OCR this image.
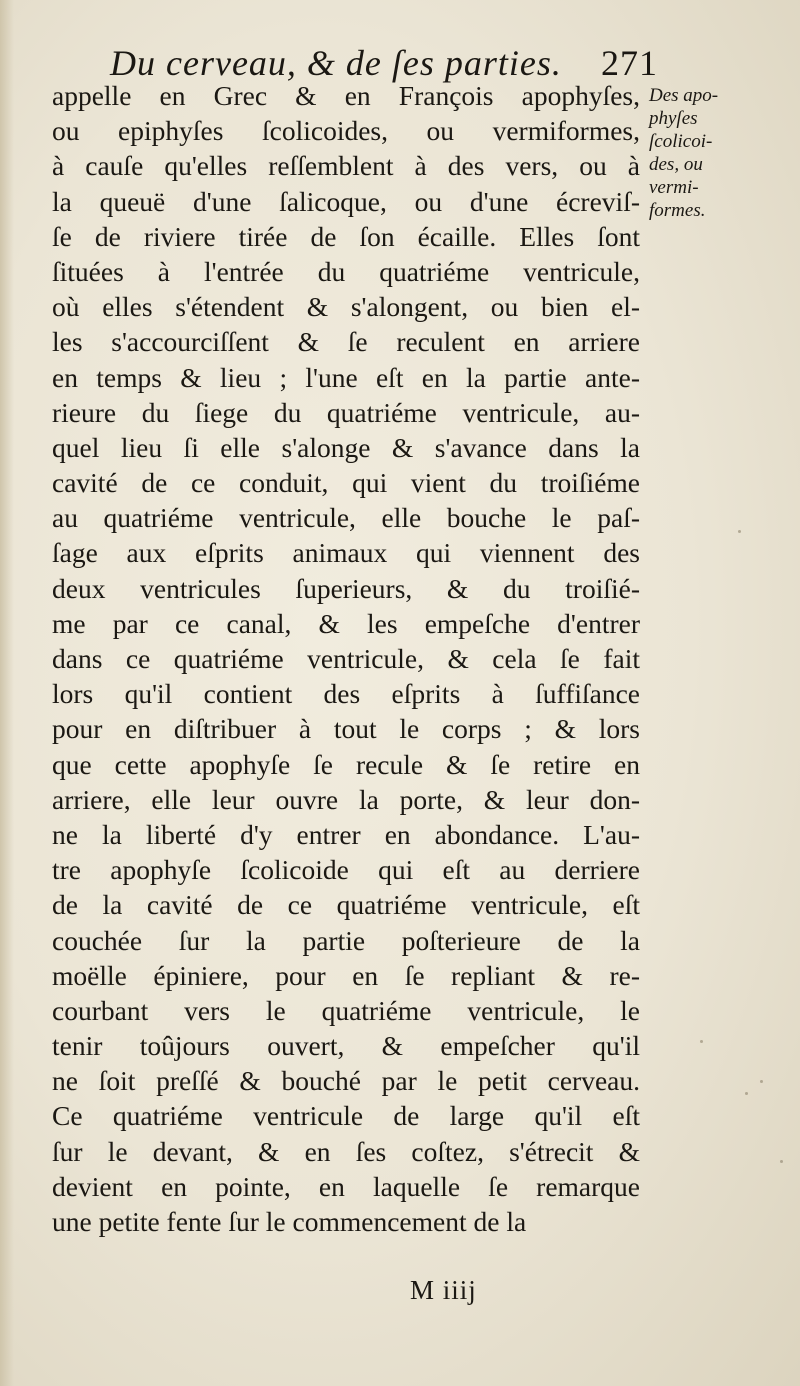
Du cerveau, & de ſes parties. 271
appelle en Grec & en François apophyſes,
ou epiphyſes ſcolicoides, ou vermiformes,
à cauſe qu'elles reſſemblent à des vers, ou à
la queuë d'une ſalicoque, ou d'une écreviſ-
ſe de riviere tirée de ſon écaille. Elles ſont
ſituées à l'entrée du quatriéme ventricule,
où elles s'étendent & s'alongent, ou bien el-
les s'accourciſſent & ſe reculent en arriere
en temps & lieu ; l'une eſt en la partie ante-
rieure du ſiege du quatriéme ventricule, au-
quel lieu ſi elle s'alonge & s'avance dans la
cavité de ce conduit, qui vient du troiſiéme
au quatriéme ventricule, elle bouche le paſ-
ſage aux eſprits animaux qui viennent des
deux ventricules ſuperieurs, & du troiſié-
me par ce canal, & les empeſche d'entrer
dans ce quatriéme ventricule, & cela ſe fait
lors qu'il contient des eſprits à ſuffiſance
pour en diſtribuer à tout le corps ; & lors
que cette apophyſe ſe recule & ſe retire en
arriere, elle leur ouvre la porte, & leur don-
ne la liberté d'y entrer en abondance. L'au-
tre apophyſe ſcolicoide qui eſt au derriere
de la cavité de ce quatriéme ventricule, eſt
couchée ſur la partie poſterieure de la
moëlle épiniere, pour en ſe repliant & re-
courbant vers le quatriéme ventricule, le
tenir toûjours ouvert, & empeſcher qu'il
ne ſoit preſſé & bouché par le petit cerveau.
Ce quatriéme ventricule de large qu'il eſt
ſur le devant, & en ſes coſtez, s'étrecit &
devient en pointe, en laquelle ſe remarque
une petite fente ſur le commencement de la
Des apo-
phyſes
ſcolicoi-
des, ou
vermi-
formes.
M iiij
